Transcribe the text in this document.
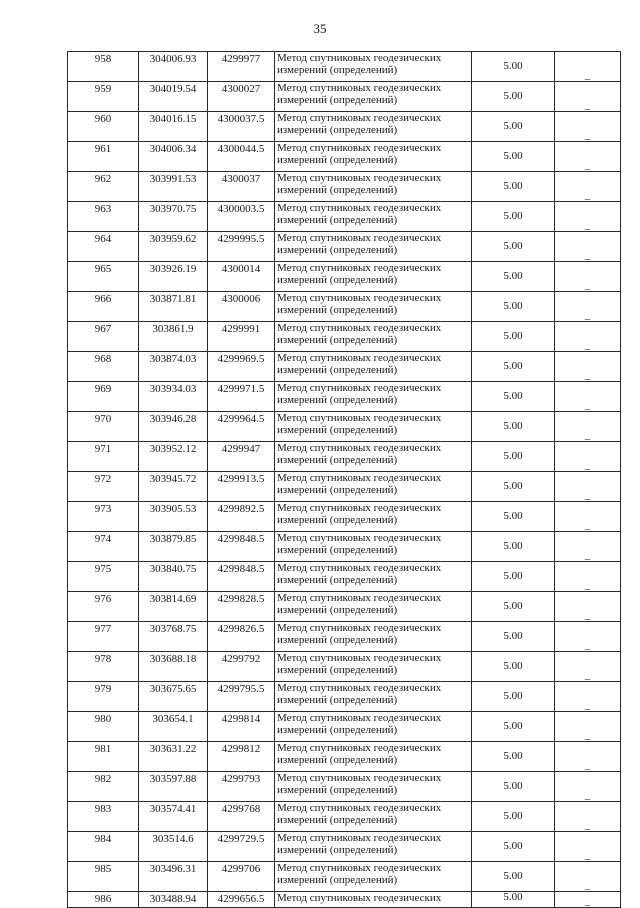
35
958	304006.93	4299977	Метод спутниковых геодезических
измерений (определений)	5.00	_
959	304019.54	4300027	Метод спутниковых геодезических
измерений (определений)	5.00	_
960	304016.15	4300037.5	Метод спутниковых геодезических
измерений (определений)	5.00	_
961	304006.34	4300044.5	Метод спутниковых геодезических
измерений (определений)	5.00	_
962	303991.53	4300037	Метод спутниковых геодезических
измерений (определений)	5.00	_
963	303970.75	4300003.5	Метод спутниковых геодезических
измерений (определений)	5.00	_
964	303959.62	4299995.5	Метод спутниковых геодезических
измерений (определений)	5.00	_
965	303926.19	4300014	Метод спутниковых геодезических
измерений (определений)	5.00	_
966	303871.81	4300006	Метод спутниковых геодезических
измерений (определений)	5.00	_
967	303861.9	4299991	Метод спутниковых геодезических
измерений (определений)	5.00	_
968	303874.03	4299969.5	Метод спутниковых геодезических
измерений (определений)	5.00	_
969	303934.03	4299971.5	Метод спутниковых геодезических
измерений (определений)	5.00	_
970	303946.28	4299964.5	Метод спутниковых геодезических
измерений (определений)	5.00	_
971	303952.12	4299947	Метод спутниковых геодезических
измерений (определений)	5.00	_
972	303945.72	4299913.5	Метод спутниковых геодезических
измерений (определений)	5.00	_
973	303905.53	4299892.5	Метод спутниковых геодезических
измерений (определений)	5.00	_
974	303879.85	4299848.5	Метод спутниковых геодезических
измерений (определений)	5.00	_
975	303840.75	4299848.5	Метод спутниковых геодезических
измерений (определений)	5.00	_
976	303814.69	4299828.5	Метод спутниковых геодезических
измерений (определений)	5.00	_
977	303768.75	4299826.5	Метод спутниковых геодезических
измерений (определений)	5.00	_
978	303688.18	4299792	Метод спутниковых геодезических
измерений (определений)	5.00	_
979	303675.65	4299795.5	Метод спутниковых геодезических
измерений (определений)	5.00	_
980	303654.1	4299814	Метод спутниковых геодезических
измерений (определений)	5.00	_
981	303631.22	4299812	Метод спутниковых геодезических
измерений (определений)	5.00	_
982	303597.88	4299793	Метод спутниковых геодезических
измерений (определений)	5.00	_
983	303574.41	4299768	Метод спутниковых геодезических
измерений (определений)	5.00	_
984	303514.6	4299729.5	Метод спутниковых геодезических
измерений (определений)	5.00	_
985	303496.31	4299706	Метод спутниковых геодезических
измерений (определений)	5.00	_
986	303488.94	4299656.5	Метод спутниковых геодезических	5.00	_
